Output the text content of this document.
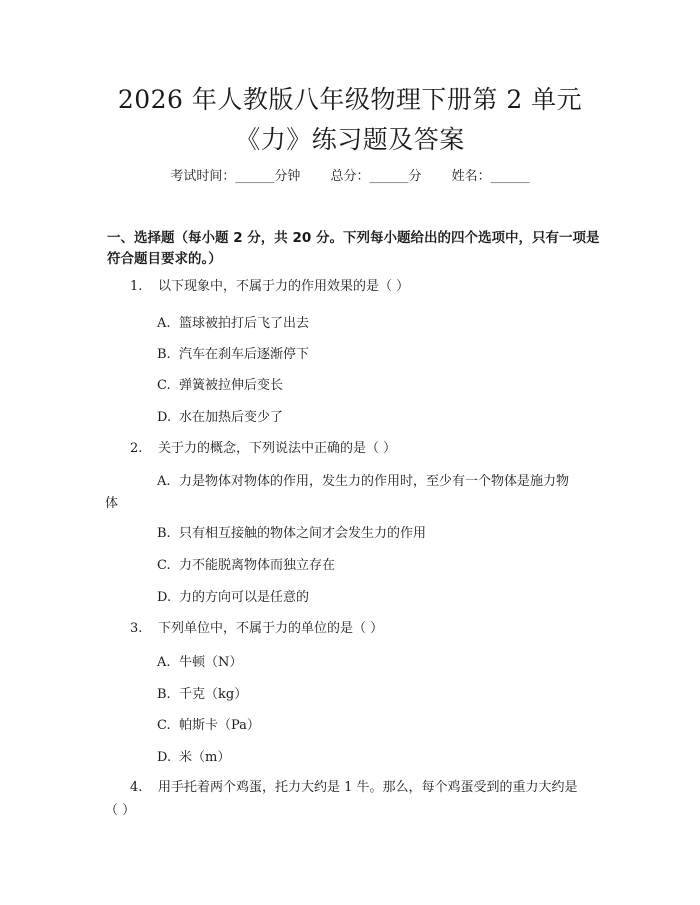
2026 年人教版八年级物理下册第 2 单元
《力》练习题及答案
考试时间：______分钟 总分：______分 姓名：______
一、选择题（每小题 2 分，共 20 分。下列每小题给出的四个选项中，只有一项是
符合题目要求的。）
1. 以下现象中，不属于力的作用效果的是（ ）
A. 篮球被拍打后飞了出去
B. 汽车在刹车后逐渐停下
C. 弹簧被拉伸后变长
D. 水在加热后变少了
2. 关于力的概念，下列说法中正确的是（ ）
A. 力是物体对物体的作用，发生力的作用时，至少有一个物体是施力物
体
B. 只有相互接触的物体之间才会发生力的作用
C. 力不能脱离物体而独立存在
D. 力的方向可以是任意的
3. 下列单位中，不属于力的单位的是（ ）
A. 牛顿（N）
B. 千克（kg）
C. 帕斯卡（Pa）
D. 米（m）
4. 用手托着两个鸡蛋，托力大约是 1 牛。那么，每个鸡蛋受到的重力大约是
（ ）
